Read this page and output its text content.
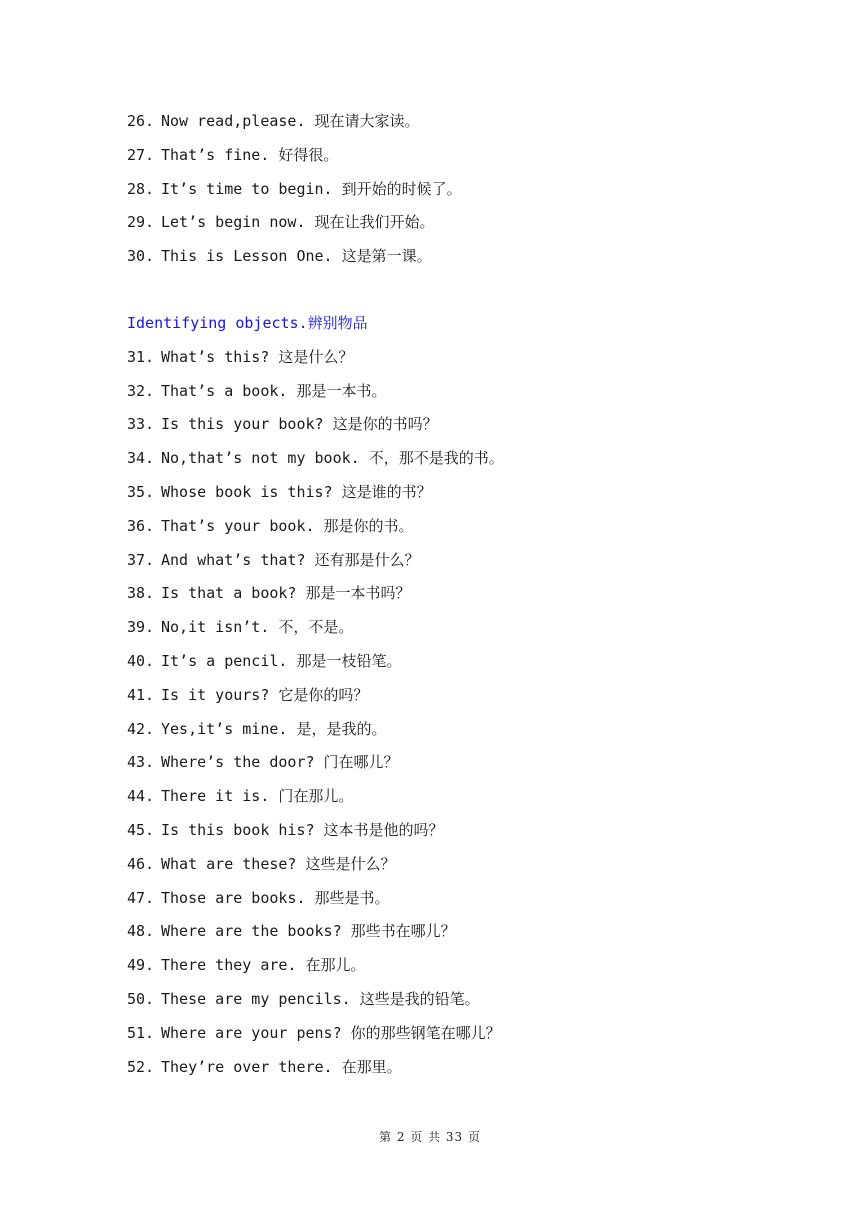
26. Now read,please. 现在请大家读。
27. That’s fine. 好得很。
28. It’s time to begin. 到开始的时候了。
29. Let’s begin now. 现在让我们开始。
30. This is Lesson One. 这是第一课。
Identifying objects.辨别物品
31. What’s this? 这是什么？
32. That’s a book. 那是一本书。
33. Is this your book? 这是你的书吗？
34. No,that’s not my book. 不，那不是我的书。
35. Whose book is this? 这是谁的书？
36. That’s your book. 那是你的书。
37. And what’s that? 还有那是什么？
38. Is that a book? 那是一本书吗？
39. No,it isn’t. 不，不是。
40. It’s a pencil. 那是一枝铅笔。
41. Is it yours? 它是你的吗？
42. Yes,it’s mine. 是，是我的。
43. Where’s the door? 门在哪儿？
44. There it is. 门在那儿。
45. Is this book his? 这本书是他的吗？
46. What are these? 这些是什么？
47. Those are books. 那些是书。
48. Where are the books? 那些书在哪儿？
49. There they are. 在那儿。
50. These are my pencils. 这些是我的铅笔。
51. Where are your pens? 你的那些钢笔在哪儿？
52. They’re over there. 在那里。
第 2 页 共 33 页
